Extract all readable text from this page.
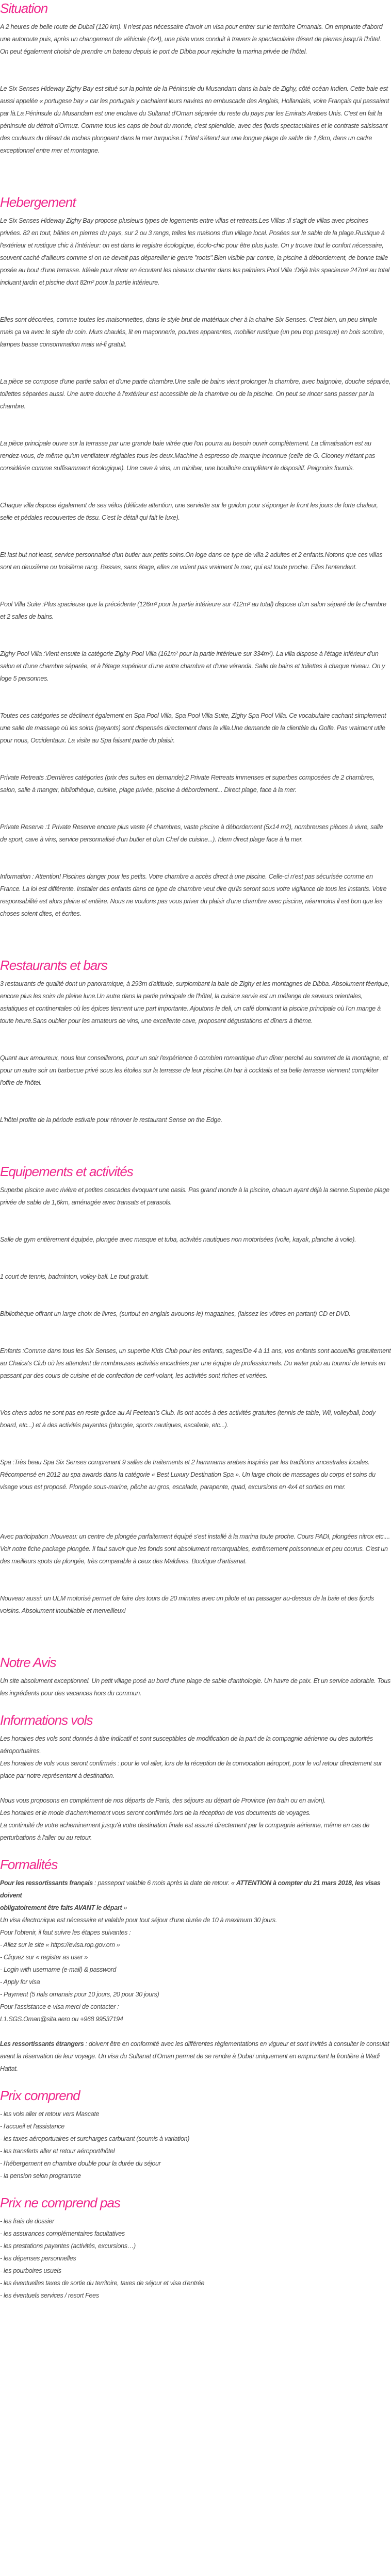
Situation

A 2 heures de belle route de Dubaï (120 km). Il n'est pas nécessaire d'avoir un visa pour entrer sur le territoire Omanais. On emprunte d'abord une autoroute puis, après un changement de véhicule (4x4), une piste vous conduit à travers le spectaculaire désert de pierres jusqu'à l'hôtel. On peut également choisir de prendre un bateau depuis le port de Dibba pour rejoindre la marina privée de l'hôtel.

Le Six Senses Hideway Zighy Bay est situé sur la pointe de la Péninsule du Musandam dans la baie de Zighy, côté océan Indien. Cette baie est aussi appelée « portugese bay » car les portugais y cachaient leurs navires en embuscade des Anglais, Hollandais, voire Français qui passaient par là.La Péninsule du Musandam est une enclave du Sultanat d'Oman séparée du reste du pays par les Emirats Arabes Unis. C'est en fait la péninsule du détroit d'Ormuz. Comme tous les caps de bout du monde, c'est splendide, avec des fjords spectaculaires et le contraste saisissant des couleurs du désert de roches plongeant dans la mer turquoise.L'hôtel s'étend sur une longue plage de sable de 1,6km, dans un cadre exceptionnel entre mer et montagne.

Hebergement

Le Six Senses Hideway Zighy Bay propose plusieurs types de logements entre villas et retreats.Les Villas :Il s'agit de villas avec piscines privées. 82 en tout, bâties en pierres du pays, sur 2 ou 3 rangs, telles les maisons d'un village local. Posées sur le sable de la plage.Rustique à l'extérieur et rustique chic à l'intérieur: on est dans le registre écologique, écolo-chic pour être plus juste. On y trouve tout le confort nécessaire, souvent caché d'ailleurs comme si on ne devait pas dépareiller le genre "roots".Bien visible par contre, la piscine à débordement, de bonne taille posée au bout d'une terrasse. Idéale pour rêver en écoutant les oiseaux chanter dans les palmiers.Pool Villa :Déjà très spacieuse 247m² au total incluant jardin et piscine dont 82m² pour la partie intérieure.

Elles sont décorées, comme toutes les maisonnettes, dans le style brut de matériaux cher à la chaine Six Senses. C'est bien, un peu simple mais ça va avec le style du coin. Murs chaulés, lit en maçonnerie, poutres apparentes, mobilier rustique (un peu trop presque) en bois sombre, lampes basse consommation mais wi-fi gratuit.

La pièce se compose d'une partie salon et d'une partie chambre.Une salle de bains vient prolonger la chambre, avec baignoire, douche séparée, toilettes séparées aussi. Une autre douche à l'extérieur est accessible de la chambre ou de la piscine. On peut se rincer sans passer par la chambre.

La pièce principale ouvre sur la terrasse par une grande baie vitrée que l'on pourra au besoin ouvrir complètement. La climatisation est au rendez-vous, de même qu'un ventilateur réglables tous les deux.Machine à espresso de marque inconnue (celle de G. Clooney n'étant pas considérée comme suffisamment écologique). Une cave à vins, un minibar, une bouilloire complètent le dispositif. Peignoirs fournis.

Chaque villa dispose également de ses vélos (délicate attention, une serviette sur le guidon pour s'éponger le front les jours de forte chaleur, selle et pédales recouvertes de tissu. C'est le détail qui fait le luxe).

Et last but not least, service personnalisé d'un butler aux petits soins.On loge dans ce type de villa 2 adultes et 2 enfants.Notons que ces villas sont en deuxième ou troisième rang. Basses, sans étage, elles ne voient pas vraiment la mer, qui est toute proche. Elles l'entendent.

Pool Villa Suite :Plus spacieuse que la précédente (126m² pour la partie intérieure sur 412m² au total) dispose d'un salon séparé de la chambre et 2 salles de bains.

Zighy Pool Villa :Vient ensuite la catégorie Zighy Pool Villa (161m² pour la partie intérieure sur 334m²). La villa dispose à l'étage inférieur d'un salon et d'une chambre séparée, et à l'étage supérieur d'une autre chambre et d'une véranda. Salle de bains et toilettes à chaque niveau. On y loge 5 personnes.

Toutes ces catégories se déclinent également en Spa Pool Villa, Spa Pool Villa Suite, Zighy Spa Pool Villa. Ce vocabulaire cachant simplement une salle de massage où les soins (payants) sont dispensés directement dans la villa.Une demande de la clientèle du Golfe. Pas vraiment utile pour nous, Occidentaux. La visite au Spa faisant partie du plaisir.

Private Retreats :Dernières catégories (prix des suites en demande):2 Private Retreats immenses et superbes composées de 2 chambres, salon, salle à manger, bibliothèque, cuisine, plage privée, piscine à débordement... Direct plage, face à la mer.

Private Reserve :1 Private Reserve encore plus vaste (4 chambres, vaste piscine à débordement (5x14 m2), nombreuses pièces à vivre, salle de sport, cave à vins, service personnalisé d'un butler et d'un Chef de cuisine...). Idem direct plage face à la mer.

Information : Attention! Piscines danger pour les petits. Votre chambre a accès direct à une piscine. Celle-ci n'est pas sécurisée comme en France. La loi est différente. Installer des enfants dans ce type de chambre veut dire qu'ils seront sous votre vigilance de tous les instants. Votre responsabilité est alors pleine et entière. Nous ne voulons pas vous priver du plaisir d'une chambre avec piscine, néanmoins il est bon que les choses soient dites, et écrites.

Restaurants et bars

3 restaurants de qualité dont un panoramique, à 293m d'altitude, surplombant la baie de Zighy et les montagnes de Dibba. Absolument féerique, encore plus les soirs de pleine lune.Un autre dans la partie principale de l'hôtel, la cuisine servie est un mélange de saveurs orientales, asiatiques et continentales où les épices tiennent une part importante. Ajoutons le deli, un café dominant la piscine principale où l'on mange à toute heure.Sans oublier pour les amateurs de vins, une excellente cave, proposant dégustations et dîners à thème.

Quant aux amoureux, nous leur conseillerons, pour un soir l'expérience ô combien romantique d'un dîner perché au sommet de la montagne, et pour un autre soir un barbecue privé sous les étoiles sur la terrasse de leur piscine.Un bar à cocktails et sa belle terrasse viennent compléter l'offre de l'hôtel.

L'hôtel profite de la période estivale pour rénover le restaurant Sense on the Edge.

Equipements et activités

Superbe piscine avec rivière et petites cascades évoquant une oasis. Pas grand monde à la piscine, chacun ayant déjà la sienne.Superbe plage privée de sable de 1,6km, aménagée avec transats et parasols.

Salle de gym entièrement équipée, plongée avec masque et tuba, activités nautiques non motorisées (voile, kayak, planche à voile).

1 court de tennis, badminton, volley-ball. Le tout gratuit.

Bibliothèque offrant un large choix de livres, (surtout en anglais avouons-le) magazines, (laissez les vôtres en partant) CD et DVD.

Enfants :Comme dans tous les Six Senses, un superbe Kids Club pour les enfants, sages!De 4 à 11 ans, vos enfants sont accueillis gratuitement au Chaica's Club où les attendent de nombreuses activités encadrées par une équipe de professionnels. Du water polo au tournoi de tennis en passant par des cours de cuisine et de confection de cerf-volant, les activités sont riches et variées.

Vos chers ados ne sont pas en reste grâce au Al Feetean's Club. Ils ont accès à des activités gratuites (tennis de table, Wii, volleyball, body board, etc...) et à des activités payantes (plongée, sports nautiques, escalade, etc...).

Spa :Très beau Spa Six Senses comprenant 9 salles de traitements et 2 hammams arabes inspirés par les traditions ancestrales locales. Récompensé en 2012 au spa awards dans la catégorie « Best Luxury Destination Spa ». Un large choix de massages du corps et soins du visage vous est proposé. Plongée sous-marine, pêche au gros, escalade, parapente, quad, excursions en 4x4 et sorties en mer.

Avec participation :Nouveau: un centre de plongée parfaitement équipé s'est installé à la marina toute proche. Cours PADI, plongées nitrox etc.... Voir notre fiche package plongée. Il faut savoir que les fonds sont absolument remarquables, extrêmement poissonneux et peu courus. C'est un des meilleurs spots de plongée, très comparable à ceux des Maldives. Boutique d'artisanat.

Nouveau aussi: un ULM motorisé permet de faire des tours de 20 minutes avec un pilote et un passager au-dessus de la baie et des fjords voisins. Absolument inoubliable et merveilleux!

Notre Avis

Un site absolument exceptionnel. Un petit village posé au bord d'une plage de sable d'anthologie. Un havre de paix. Et un service adorable. Tous les ingrédients pour des vacances hors du commun.

Informations vols

Les horaires des vols sont donnés à titre indicatif et sont susceptibles de modification de la part de la compagnie aérienne ou des autorités aéroportuaires.
Les horaires de vols vous seront confirmés : pour le vol aller, lors de la réception de la convocation aéroport, pour le vol retour directement sur place par notre représentant à destination.

Nous vous proposons en complément de nos départs de Paris, des séjours au départ de Province (en train ou en avion).
Les horaires et le mode d'acheminement vous seront confirmés lors de la réception de vos documents de voyages.
La continuité de votre acheminement jusqu'à votre destination finale est assuré directement par la compagnie aérienne, même en cas de perturbations à l'aller ou au retour.

Formalités

Pour les ressortissants français : passeport valable 6 mois après la date de retour. « ATTENTION à compter du 21 mars 2018, les visas doivent
obligatoirement être faits AVANT le départ »

Un visa électronique est nécessaire et valable pour tout séjour d'une durée de 10 à maximum 30 jours.
Pour l'obtenir, il faut suivre les étapes suivantes :
- Allez sur le site « https://evisa.rop.gov.om »
- Cliquez sur « register as user »
- Login with username (e-mail) & password
- Apply for visa
- Payment (5 rials omanais pour 10 jours, 20 pour 30 jours)
Pour l'assistance e-visa merci de contacter :
L1.SGS.Oman@sita.aero ou +968 99537194

Les ressortissants étrangers : doivent être en conformité avec les différentes règlementations en vigueur et sont invités à consulter le consulat avant la réservation de leur voyage. Un visa du Sultanat d'Oman permet de se rendre à Dubaï uniquement en empruntant la frontière à Wadi Hattat.

Prix comprend
- les vols aller et retour vers Mascate
- l'accueil et l'assistance
- les taxes aéroportuaires et surcharges carburant (soumis à variation)
- les transferts aller et retour aéroport/hôtel
- l'hébergement en chambre double pour la durée du séjour
- la pension selon programme
Prix ne comprend pas
- les frais de dossier
- les assurances complémentaires facultatives
- les prestations payantes (activités, excursions…)
- les dépenses personnelles
- les pourboires usuels
- les éventuelles taxes de sortie du territoire, taxes de séjour et visa d'entrée
- les éventuels services / resort Fees
